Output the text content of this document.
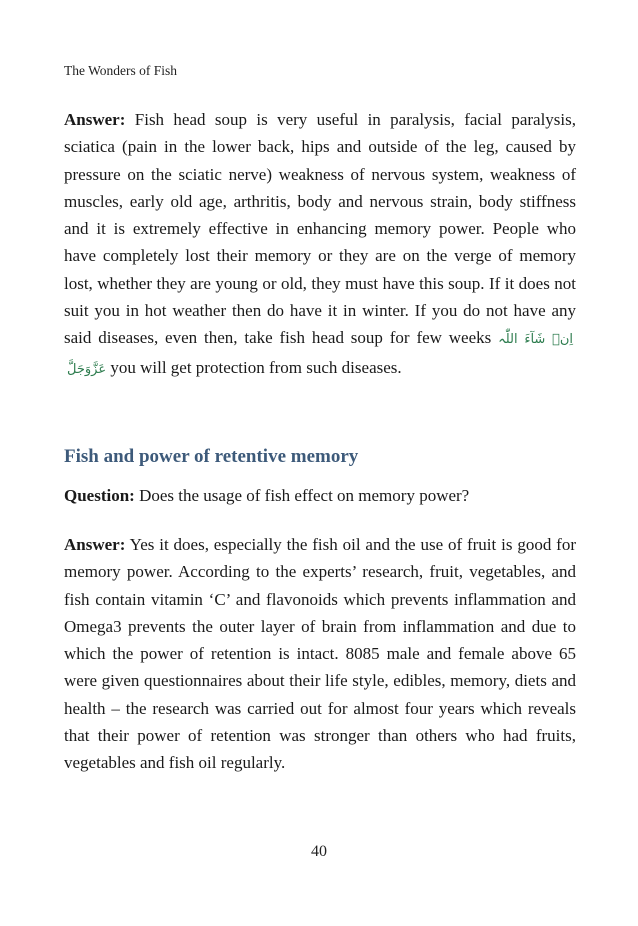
The Wonders of Fish
Answer: Fish head soup is very useful in paralysis, facial paralysis, sciatica (pain in the lower back, hips and outside of the leg, caused by pressure on the sciatic nerve) weakness of nervous system, weakness of muscles, early old age, arthritis, body and nervous strain, body stiffness and it is extremely effective in enhancing memory power. People who have completely lost their memory or they are on the verge of memory lost, whether they are young or old, they must have this soup. If it does not suit you in hot weather then do have it in winter. If you do not have any said diseases, even then, take fish head soup for few weeks اِنۡ شَآءَ اللّٰہ عَزَّوَجَلَّ you will get protection from such diseases.
Fish and power of retentive memory
Question: Does the usage of fish effect on memory power?
Answer: Yes it does, especially the fish oil and the use of fruit is good for memory power. According to the experts’ research, fruit, vegetables, and fish contain vitamin ‘C’ and flavonoids which prevents inflammation and Omega3 prevents the outer layer of brain from inflammation and due to which the power of retention is intact. 8085 male and female above 65 were given questionnaires about their life style, edibles, memory, diets and health – the research was carried out for almost four years which reveals that their power of retention was stronger than others who had fruits, vegetables and fish oil regularly.
40
